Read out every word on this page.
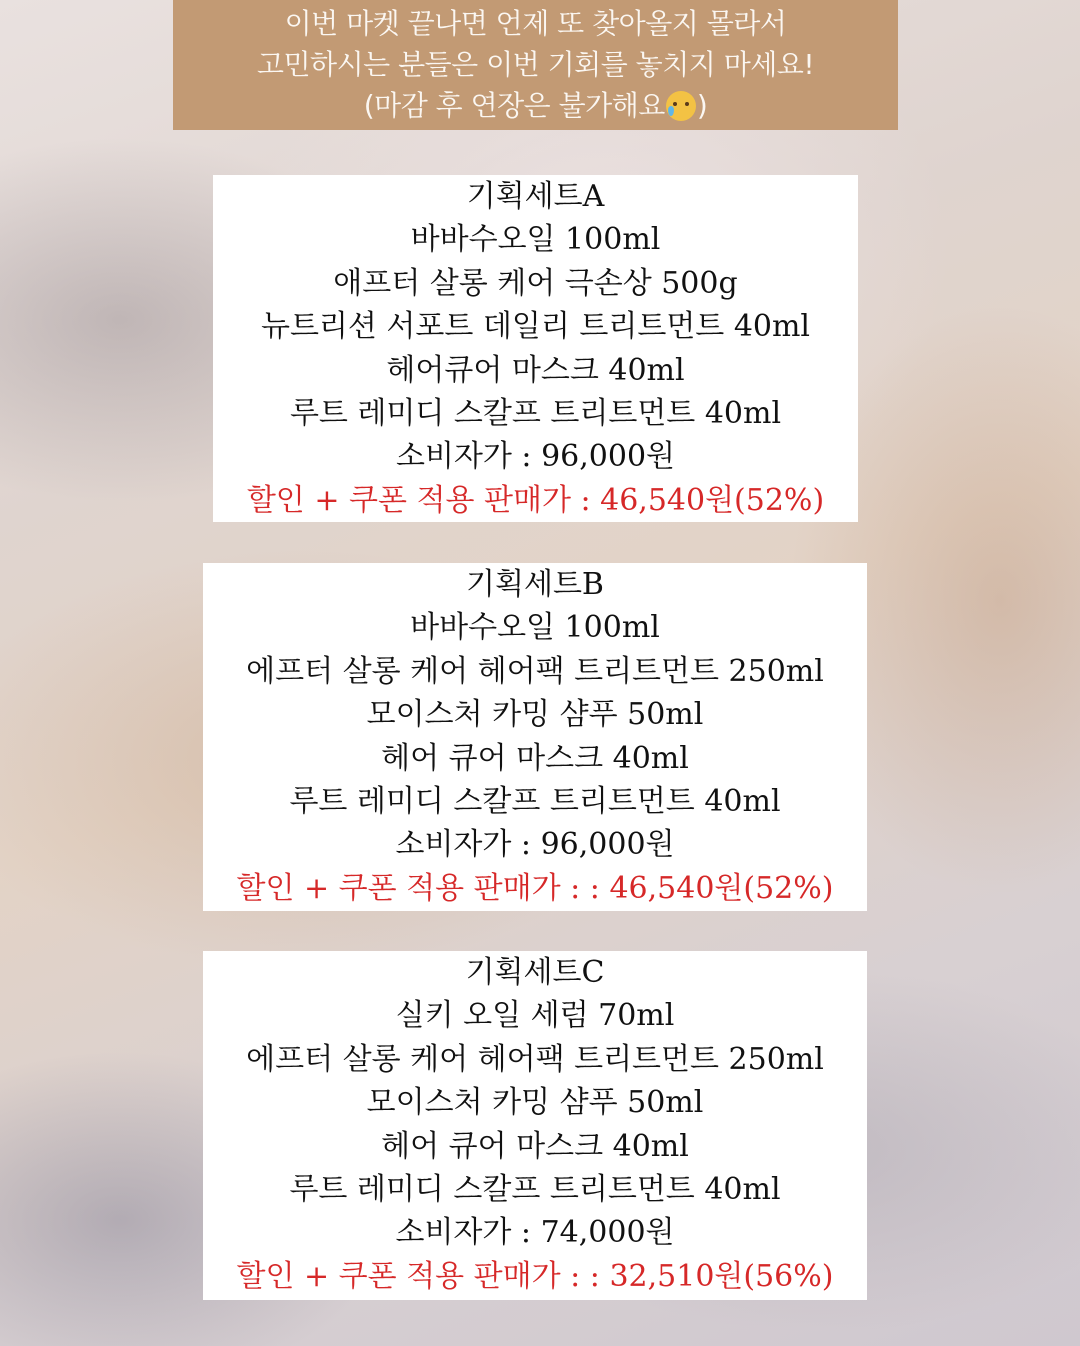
이번 마켓 끝나면 언제 또 찾아올지 몰라서
고민하시는 분들은 이번 기회를 놓치지 마세요!
(마감 후 연장은 불가해요 )
기획세트A
바바수오일 100ml
애프터 살롱 케어 극손상 500g
뉴트리션 서포트 데일리 트리트먼트 40ml
헤어큐어 마스크 40ml
루트 레미디 스칼프 트리트먼트 40ml
소비자가 : 96,000원
할인 + 쿠폰 적용 판매가 : 46,540원(52%)
기획세트B
바바수오일 100ml
에프터 살롱 케어 헤어팩 트리트먼트 250ml
모이스처 카밍 샴푸 50ml
헤어 큐어 마스크 40ml
루트 레미디 스칼프 트리트먼트 40ml
소비자가 : 96,000원
할인 + 쿠폰 적용 판매가 : : 46,540원(52%)
기획세트C
실키 오일 세럼 70ml
에프터 살롱 케어 헤어팩 트리트먼트 250ml
모이스처 카밍 샴푸 50ml
헤어 큐어 마스크 40ml
루트 레미디 스칼프 트리트먼트 40ml
소비자가 : 74,000원
할인 + 쿠폰 적용 판매가 : : 32,510원(56%)
